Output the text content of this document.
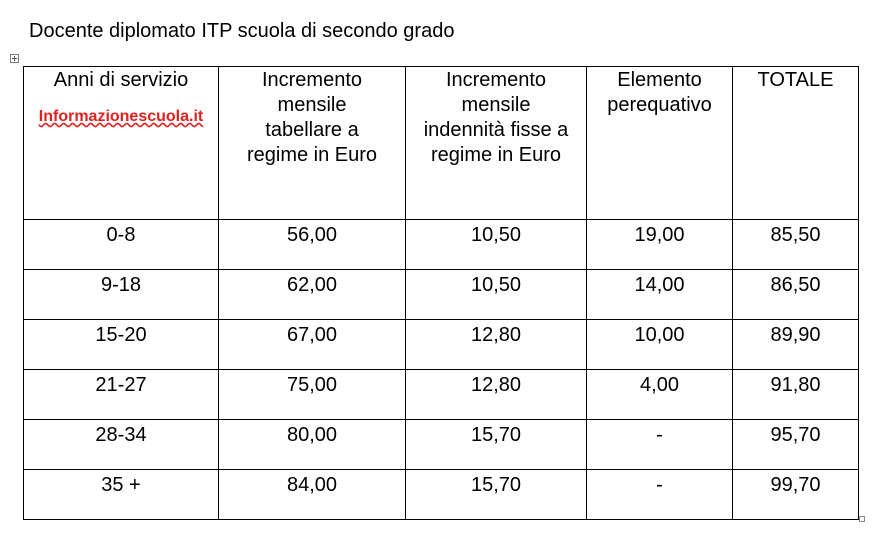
Docente diplomato ITP scuola di secondo grado
Anni di servizio
Informazionescuola.it	Incremento mensile tabellare a regime in Euro	Incremento mensile indennità fisse a regime in Euro	Elemento perequativo	TOTALE

0-8	56,00	10,50	19,00	85,50
9-18	62,00	10,50	14,00	86,50
15-20	67,00	12,80	10,00	89,90
21-27	75,00	12,80	4,00	91,80
28-34	80,00	15,70	-	95,70
35 +	84,00	15,70	-	99,70
